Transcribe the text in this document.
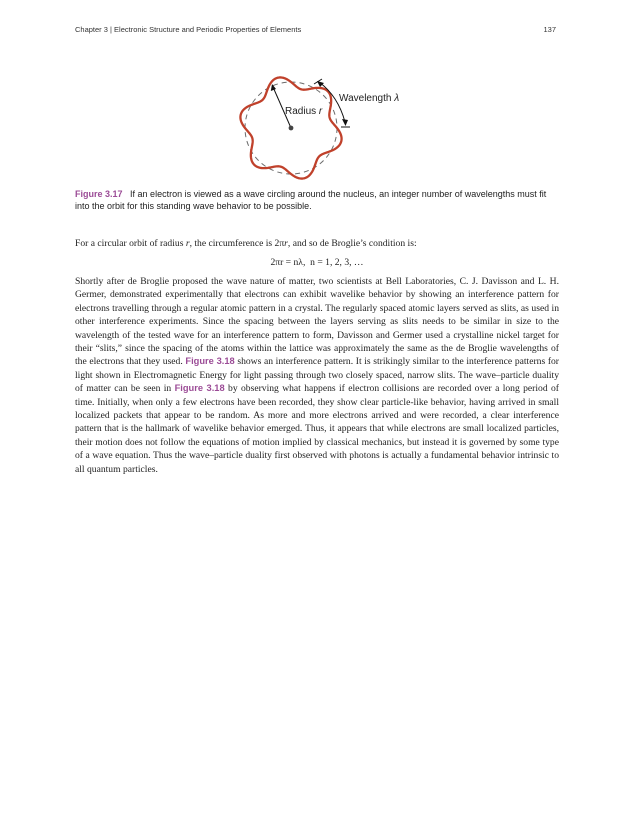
Chapter 3 | Electronic Structure and Periodic Properties of Elements	137
Radius r
Wavelength λ
Figure 3.17 If an electron is viewed as a wave circling around the nucleus, an integer number of wavelengths must fit into the orbit for this standing wave behavior to be possible.

For a circular orbit of radius r, the circumference is 2πr, and so de Broglie’s condition is:

2πr = nλ, n = 1, 2, 3, …

Shortly after de Broglie proposed the wave nature of matter, two scientists at Bell Laboratories, C. J. Davisson and L. H. Germer, demonstrated experimentally that electrons can exhibit wavelike behavior by showing an interference pattern for electrons travelling through a regular atomic pattern in a crystal. The regularly spaced atomic layers served as slits, as used in other interference experiments. Since the spacing between the layers serving as slits needs to be similar in size to the wavelength of the tested wave for an interference pattern to form, Davisson and Germer used a crystalline nickel target for their “slits,” since the spacing of the atoms within the lattice was approximately the same as the de Broglie wavelengths of the electrons that they used. Figure 3.18 shows an interference pattern. It is strikingly similar to the interference patterns for light shown in Electromagnetic Energy for light passing through two closely spaced, narrow slits. The wave–particle duality of matter can be seen in Figure 3.18 by observing what happens if electron collisions are recorded over a long period of time. Initially, when only a few electrons have been recorded, they show clear particle-like behavior, having arrived in small localized packets that appear to be random. As more and more electrons arrived and were recorded, a clear interference pattern that is the hallmark of wavelike behavior emerged. Thus, it appears that while electrons are small localized particles, their motion does not follow the equations of motion implied by classical mechanics, but instead it is governed by some type of a wave equation. Thus the wave–particle duality first observed with photons is actually a fundamental behavior intrinsic to all quantum particles.
